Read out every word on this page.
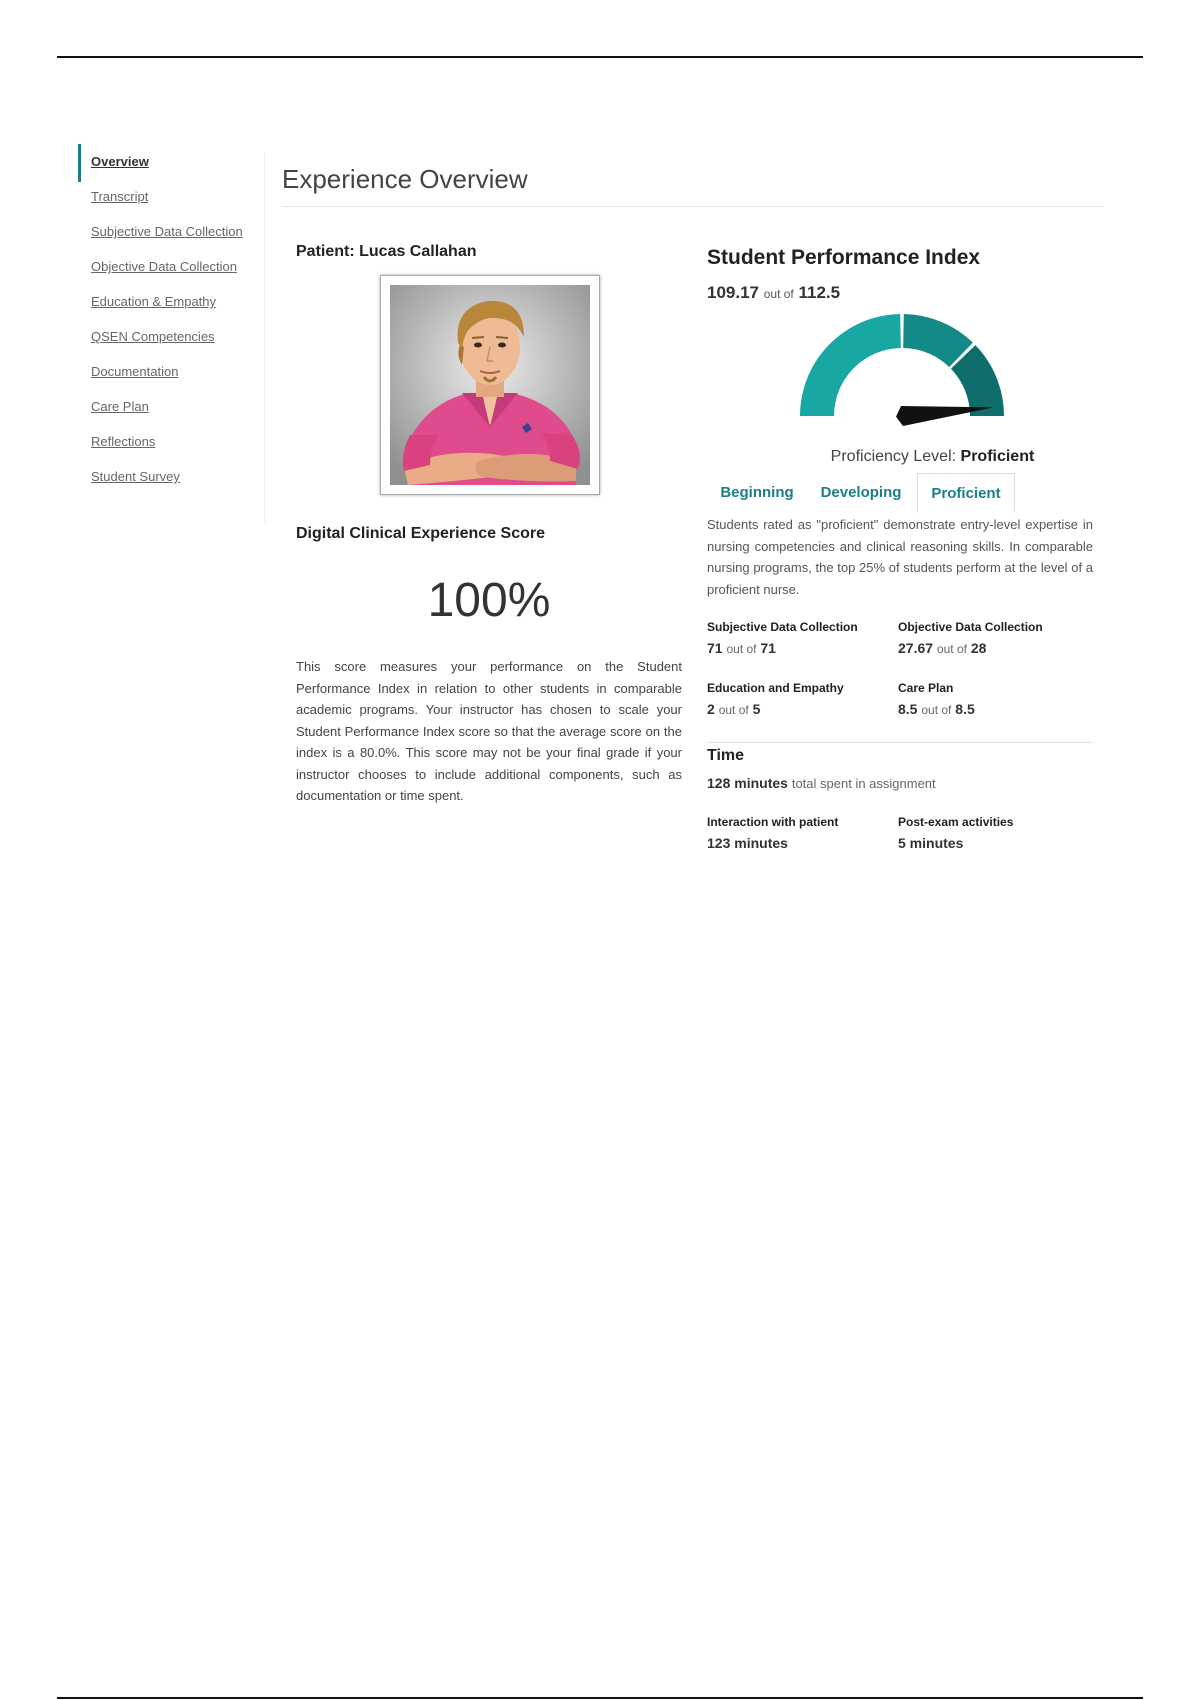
Overview
Transcript
Subjective Data Collection
Objective Data Collection
Education & Empathy
QSEN Competencies
Documentation
Care Plan
Reflections
Student Survey
Experience Overview

Patient: Lucas Callahan

Digital Clinical Experience Score
100%

This score measures your performance on the Student Performance Index in relation to other students in comparable academic programs. Your instructor has chosen to scale your Student Performance Index score so that the average score on the index is a 80.0%. This score may not be your final grade if your instructor chooses to include additional components, such as documentation or time spent.

Student Performance Index
109.17 out of 112.5
Proficiency Level: Proficient
Beginning	Developing	Proficient

Students rated as "proficient" demonstrate entry-level expertise in nursing competencies and clinical reasoning skills. In comparable nursing programs, the top 25% of students perform at the level of a proficient nurse.

Subjective Data Collection
71 out of 71
Objective Data Collection
27.67 out of 28
Education and Empathy
2 out of 5
Care Plan
8.5 out of 8.5
Time
128 minutes total spent in assignment
Interaction with patient
123 minutes
Post-exam activities
5 minutes
